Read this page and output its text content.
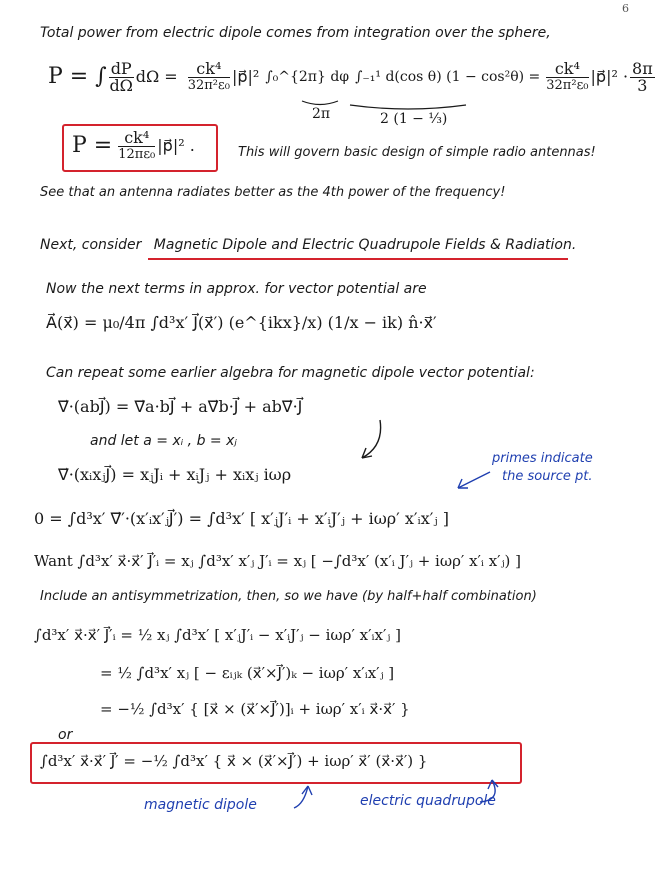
6
Total power from electric dipole comes from integration over the sphere,
P = ∫ $\frac{dP}{d\Omega}$ $d\Omega = \frac{\text{ck⁴}}{\text{32π²ε₀}}$ |p⃗|² ∫₀^{2π} dφ ∫₋₁¹ d(cos θ) $(1 - \cos^2\theta) = \frac{\text{ck⁴}}{\text{32π²ε₀}}$ |p⃗|² · $\frac{8\pi}{3}$
2π	2 (1 − ⅓)
$P = \frac{\text{ck⁴}}{\text{12πε₀}}$ |p⃗|² .	This will govern basic design of simple radio antennas!
See that an antenna radiates better as the 4th power of the frequency!
Next, consider Magnetic Dipole and Electric Quadrupole Fields & Radiation.
Now the next terms in approx. for vector potential are
A⃗(x⃗) = μ₀/4π ∫d³x′ J⃗(x⃗′) (e^{ikx}/x) (1/x − ik) n̂·x⃗′
Can repeat some earlier algebra for magnetic dipole vector potential:
∇⃗·(abJ⃗) = ∇⃗a·bJ⃗ + a∇⃗b·J⃗ + ab∇⃗·J⃗
and let a = xᵢ , b = xⱼ
∇⃗·(xᵢxⱼJ⃗) = xⱼJᵢ + xᵢJⱼ + xᵢxⱼ iωρ
primes indicate
the source pt.
0 = ∫d³x′ ∇⃗′·(x′ᵢx′ⱼJ⃗′) = ∫d³x′ [ x′ⱼJ′ᵢ + x′ᵢJ′ⱼ + iωρ′ x′ᵢx′ⱼ ]
Want ∫d³x′ x⃗·x⃗′ J⃗′ᵢ = xⱼ ∫d³x′ x′ⱼ J′ᵢ = xⱼ [ −∫d³x′ (x′ᵢ J′ⱼ + iωρ′ x′ᵢ x′ⱼ) ]
Include an antisymmetrization, then, so we have (by half+half combination)
∫d³x′ x⃗·x⃗′ J⃗′ᵢ = ½ xⱼ ∫d³x′ [ x′ⱼJ′ᵢ − x′ᵢJ′ⱼ − iωρ′ x′ᵢx′ⱼ ]
= ½ ∫d³x′ xⱼ [ − εᵢⱼₖ (x⃗′×J⃗′)ₖ − iωρ′ x′ᵢx′ⱼ ]
= −½ ∫d³x′ { [x⃗ × (x⃗′×J⃗′)]ᵢ + iωρ′ x′ᵢ x⃗·x⃗′ }
or
∫d³x′ x⃗·x⃗′ J⃗′ = −½ ∫d³x′ { x⃗ × (x⃗′×J⃗′) + iωρ′ x⃗′ (x⃗·x⃗′) }
magnetic dipole	electric quadrupole
